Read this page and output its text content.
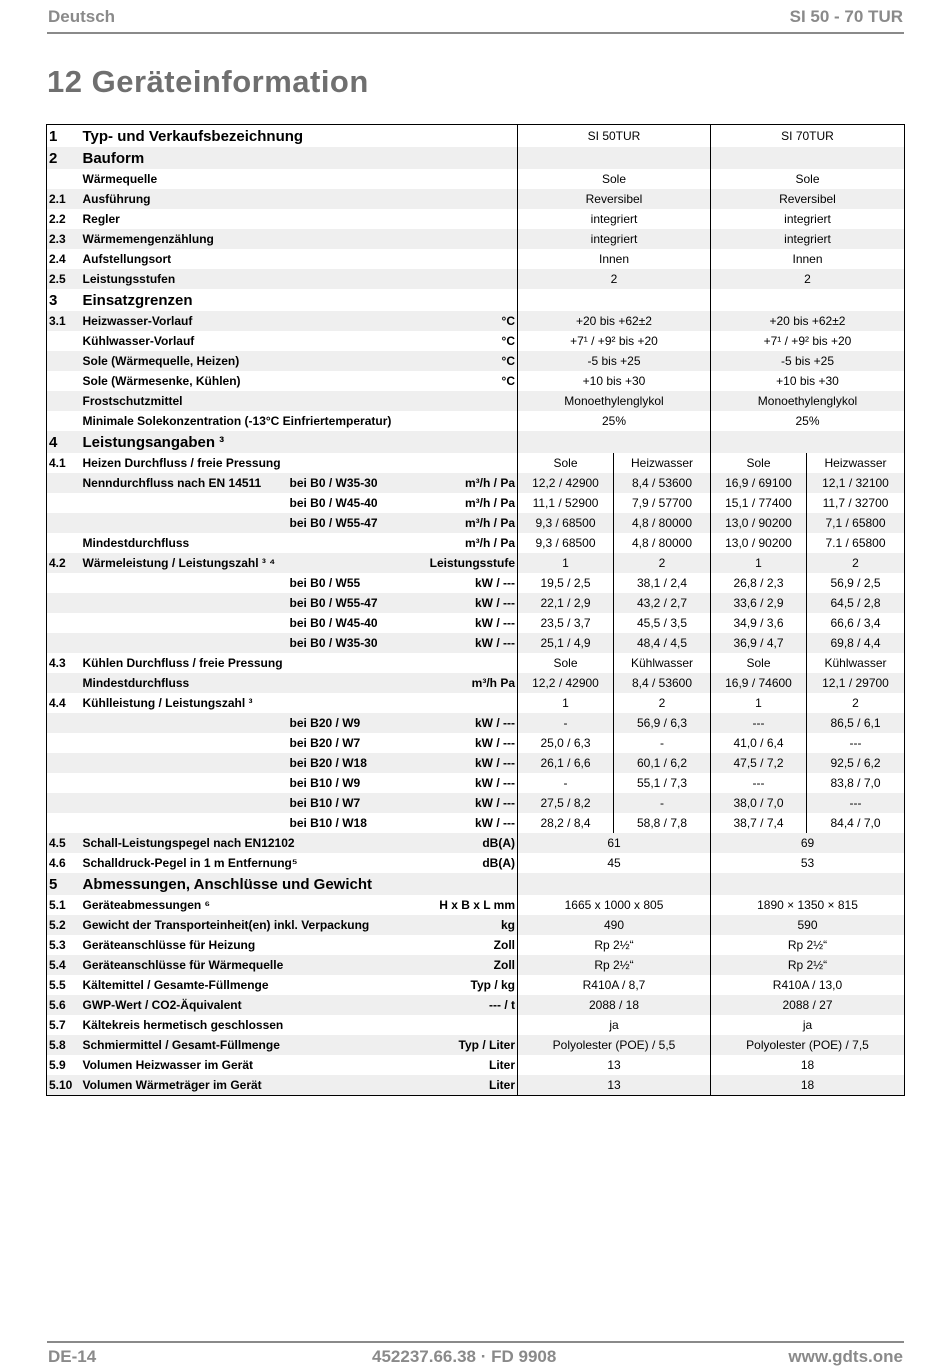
Deutsch	SI 50 - 70 TUR
12 Geräteinformation
1	Typ- und Verkaufsbezeichnung			SI 50TUR		SI 70TUR	
2	Bauform						
	Wärmequelle			Sole		Sole	
2.1	Ausführung			Reversibel		Reversibel	
2.2	Regler			integriert		integriert	
2.3	Wärmemengenzählung			integriert		integriert	
2.4	Aufstellungsort			Innen		Innen	
2.5	Leistungsstufen			2		2	
3	Einsatzgrenzen						
3.1	Heizwasser-Vorlauf		°C	+20 bis +62±2		+20 bis +62±2	
	Kühlwasser-Vorlauf		°C	+7¹ / +9² bis +20		+7¹ / +9² bis +20	
	Sole (Wärmequelle, Heizen)		°C	-5 bis +25		-5 bis +25	
	Sole (Wärmesenke, Kühlen)		°C	+10 bis +30		+10 bis +30	
	Frostschutzmittel			Monoethylenglykol		Monoethylenglykol	
	Minimale Solekonzentration (-13°C Einfriertemperatur)			25%		25%	
4	Leistungsangaben ³						
4.1	Heizen Durchfluss / freie Pressung			Sole	Heizwasser	Sole	Heizwasser
	Nenndurchfluss nach EN 14511	bei B0 / W35-30	m³/h / Pa	12,2 / 42900	8,4 / 53600	16,9 / 69100	12,1 / 32100
		bei B0 / W45-40	m³/h / Pa	11,1 / 52900	7,9 / 57700	15,1 / 77400	11,7 / 32700
		bei B0 / W55-47	m³/h / Pa	9,3 / 68500	4,8 / 80000	13,0 / 90200	7,1 / 65800
	Mindestdurchfluss		m³/h / Pa	9,3 / 68500	4,8 / 80000	13,0 / 90200	7.1 / 65800
4.2	Wärmeleistung / Leistungszahl ³ ⁴		Leistungsstufe	1	2	1	2
		bei B0 / W55	kW / ---	19,5 / 2,5	38,1 / 2,4	26,8 / 2,3	56,9 / 2,5
		bei B0 / W55-47	kW / ---	22,1 / 2,9	43,2 / 2,7	33,6 / 2,9	64,5 / 2,8
		bei B0 / W45-40	kW / ---	23,5 / 3,7	45,5 / 3,5	34,9 / 3,6	66,6 / 3,4
		bei B0 / W35-30	kW / ---	25,1 / 4,9	48,4 / 4,5	36,9 / 4,7	69,8 / 4,4
4.3	Kühlen Durchfluss / freie Pressung			Sole	Kühlwasser	Sole	Kühlwasser
	Mindestdurchfluss		m³/h Pa	12,2 / 42900	8,4 / 53600	16,9 / 74600	12,1 / 29700
4.4	Kühlleistung / Leistungszahl ³			1	2	1	2
		bei B20 / W9	kW / ---	-	56,9 / 6,3	---	86,5 / 6,1
		bei B20 / W7	kW / ---	25,0 / 6,3	-	41,0 / 6,4	---
		bei B20 / W18	kW / ---	26,1 / 6,6	60,1 / 6,2	47,5 / 7,2	92,5 / 6,2
		bei B10 / W9	kW / ---	-	55,1 / 7,3	---	83,8 / 7,0
		bei B10 / W7	kW / ---	27,5 / 8,2	-	38,0 / 7,0	---
		bei B10 / W18	kW / ---	28,2 / 8,4	58,8 / 7,8	38,7 / 7,4	84,4 / 7,0
4.5	Schall-Leistungspegel nach EN12102		dB(A)	61		69	
4.6	Schalldruck-Pegel in 1 m Entfernung⁵		dB(A)	45		53	
5	Abmessungen, Anschlüsse und Gewicht						
5.1	Geräteabmessungen ⁶		H x B x L mm	1665 x 1000 x 805		1890 × 1350 × 815	
5.2	Gewicht der Transporteinheit(en) inkl. Verpackung		kg	490		590	
5.3	Geräteanschlüsse für Heizung		Zoll	Rp 2½“		Rp 2½“	
5.4	Geräteanschlüsse für Wärmequelle		Zoll	Rp 2½“		Rp 2½“	
5.5	Kältemittel / Gesamte-Füllmenge		Typ / kg	R410A / 8,7		R410A / 13,0	
5.6	GWP-Wert / CO2-Äquivalent		--- / t	2088 / 18		2088 / 27	
5.7	Kältekreis hermetisch geschlossen			ja		ja	
5.8	Schmiermittel / Gesamt-Füllmenge		Typ / Liter	Polyolester (POE) / 5,5		Polyolester (POE) / 7,5	
5.9	Volumen Heizwasser im Gerät		Liter	13		18	
5.10	Volumen Wärmeträger im Gerät		Liter	13		18	
DE-14	452237.66.38 · FD 9908	www.gdts.one
